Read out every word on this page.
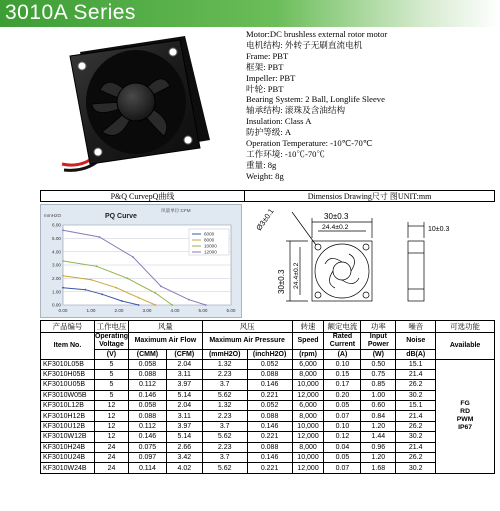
3010A Series
Motor:DC brushless external rotor motor
电机结构: 外转子无刷直流电机
Frame: PBT
框架: PBT
Impeller: PBT
叶轮: PBT
Bearing System: 2 Ball, Longlife Sleeve
轴承结构: 滚珠及含油结构
Insulation: Class A
防护等级: A
Operation Temperature: -10℃-70℃
工作环境: -10℃-70℃
重量: 8g
Weight: 8g
P&Q CurvepQ曲线	Dimensios Drawing尺寸 图UNIT:mm
PQ Curve
风量单位:CFM
mmH2O
6000
8000
10000
12000
6.00
5.00
4.00
3.00
2.00
1.00
0.00
0.00	1.00	2.00	3.00	4.00	5.00	6.00
30±0.3
24.4±0.2	10±0.3
30±0.3 24.4±0.2
Ø3±0.1
产品编号	工作电压	风量		风压		转速	额定电流	功率	噪音	可选功能
Item No.	Operating Voltage	Maximum Air Flow		Maximum Air Pressure		Speed	Rated Current	Input Power	Noise	Available
	(V)	(CMM)	(CFM)	(mmH2O)	(inchH2O)	(rpm)	(A)	(W)	dB(A)	
KF3010L05B	5	0.058	2.04	1.32	0.052	6,000	0.10	0.50	15.1	FG
RD
PWM
IP67

KF3010H05B	5	0.088	3.11	2.23	0.088	8,000	0.15	0.75	21.4	
KF3010U05B	5	0.112	3.97	3.7	0.146	10,000	0.17	0.85	26.2	
KF3010W05B	5	0.146	5.14	5.62	0.221	12,000	0.20	1.00	30.2	
KF3010L12B	12	0.058	2.04	1.32	0.052	6,000	0.05	0.60	15.1	
KF3010H12B	12	0.088	3.11	2.23	0.088	8,000	0.07	0.84	21.4	
KF3010U12B	12	0.112	3.97	3.7	0.146	10,000	0.10	1.20	26.2	
KF3010W12B	12	0.146	5.14	5.62	0.221	12,000	0.12	1.44	30.2	
KF3010H24B	24	0.075	2.66	2.23	0.088	8,000	0.04	0.96	21.4	
KF3010U24B	24	0.097	3.42	3.7	0.146	10,000	0.05	1.20	26.2	
KF3010W24B	24	0.114	4.02	5.62	0.221	12,000	0.07	1.68	30.2	
